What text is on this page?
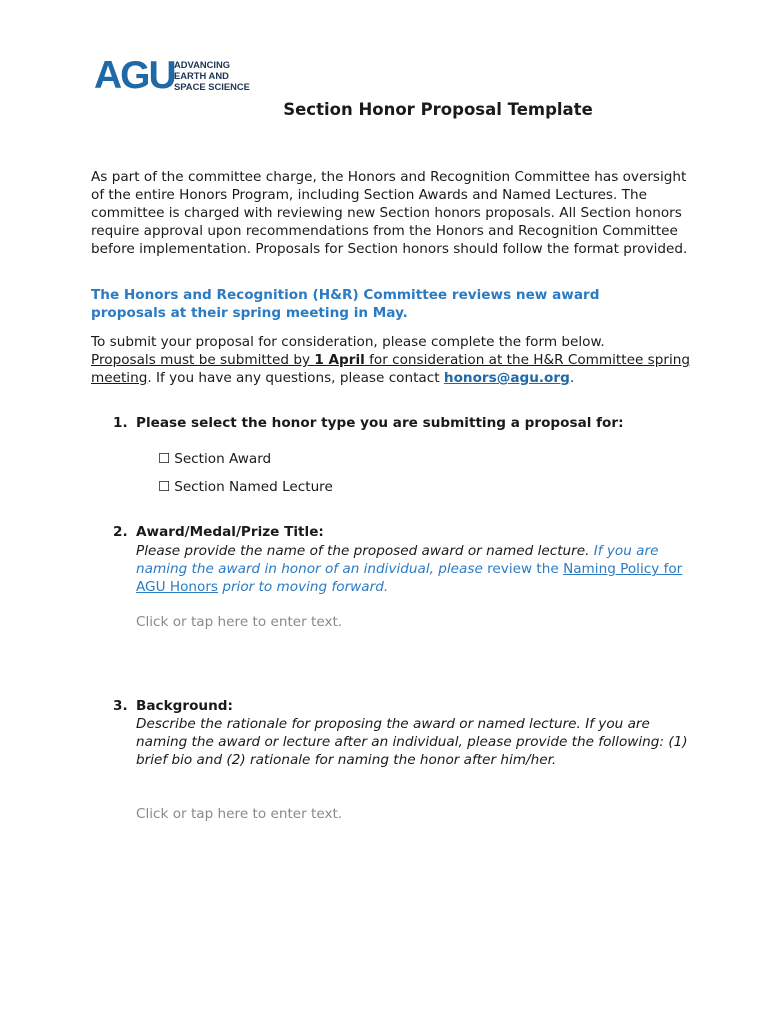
AGU ADVANCING
EARTH AND
SPACE SCIENCE
Section Honor Proposal Template

As part of the committee charge, the Honors and Recognition Committee has oversight of the entire Honors Program, including Section Awards and Named Lectures. The committee is charged with reviewing new Section honors proposals. All Section honors require approval upon recommendations from the Honors and Recognition Committee before implementation. Proposals for Section honors should follow the format provided.

The Honors and Recognition (H&R) Committee reviews new award proposals at their spring meeting in May.

To submit your proposal for consideration, please complete the form below.
Proposals must be submitted by 1 April for consideration at the H&R Committee spring meeting. If you have any questions, please contact honors@agu.org.

1. Please select the honor type you are submitting a proposal for:

☐ Section Award

☐ Section Named Lecture

2. Award/Medal/Prize Title:

Please provide the name of the proposed award or named lecture. If you are naming the award in honor of an individual, please review the Naming Policy for AGU Honors prior to moving forward.

Click or tap here to enter text.

3. Background:

Describe the rationale for proposing the award or named lecture. If you are naming the award or lecture after an individual, please provide the following: (1) brief bio and (2) rationale for naming the honor after him/her.

Click or tap here to enter text.
